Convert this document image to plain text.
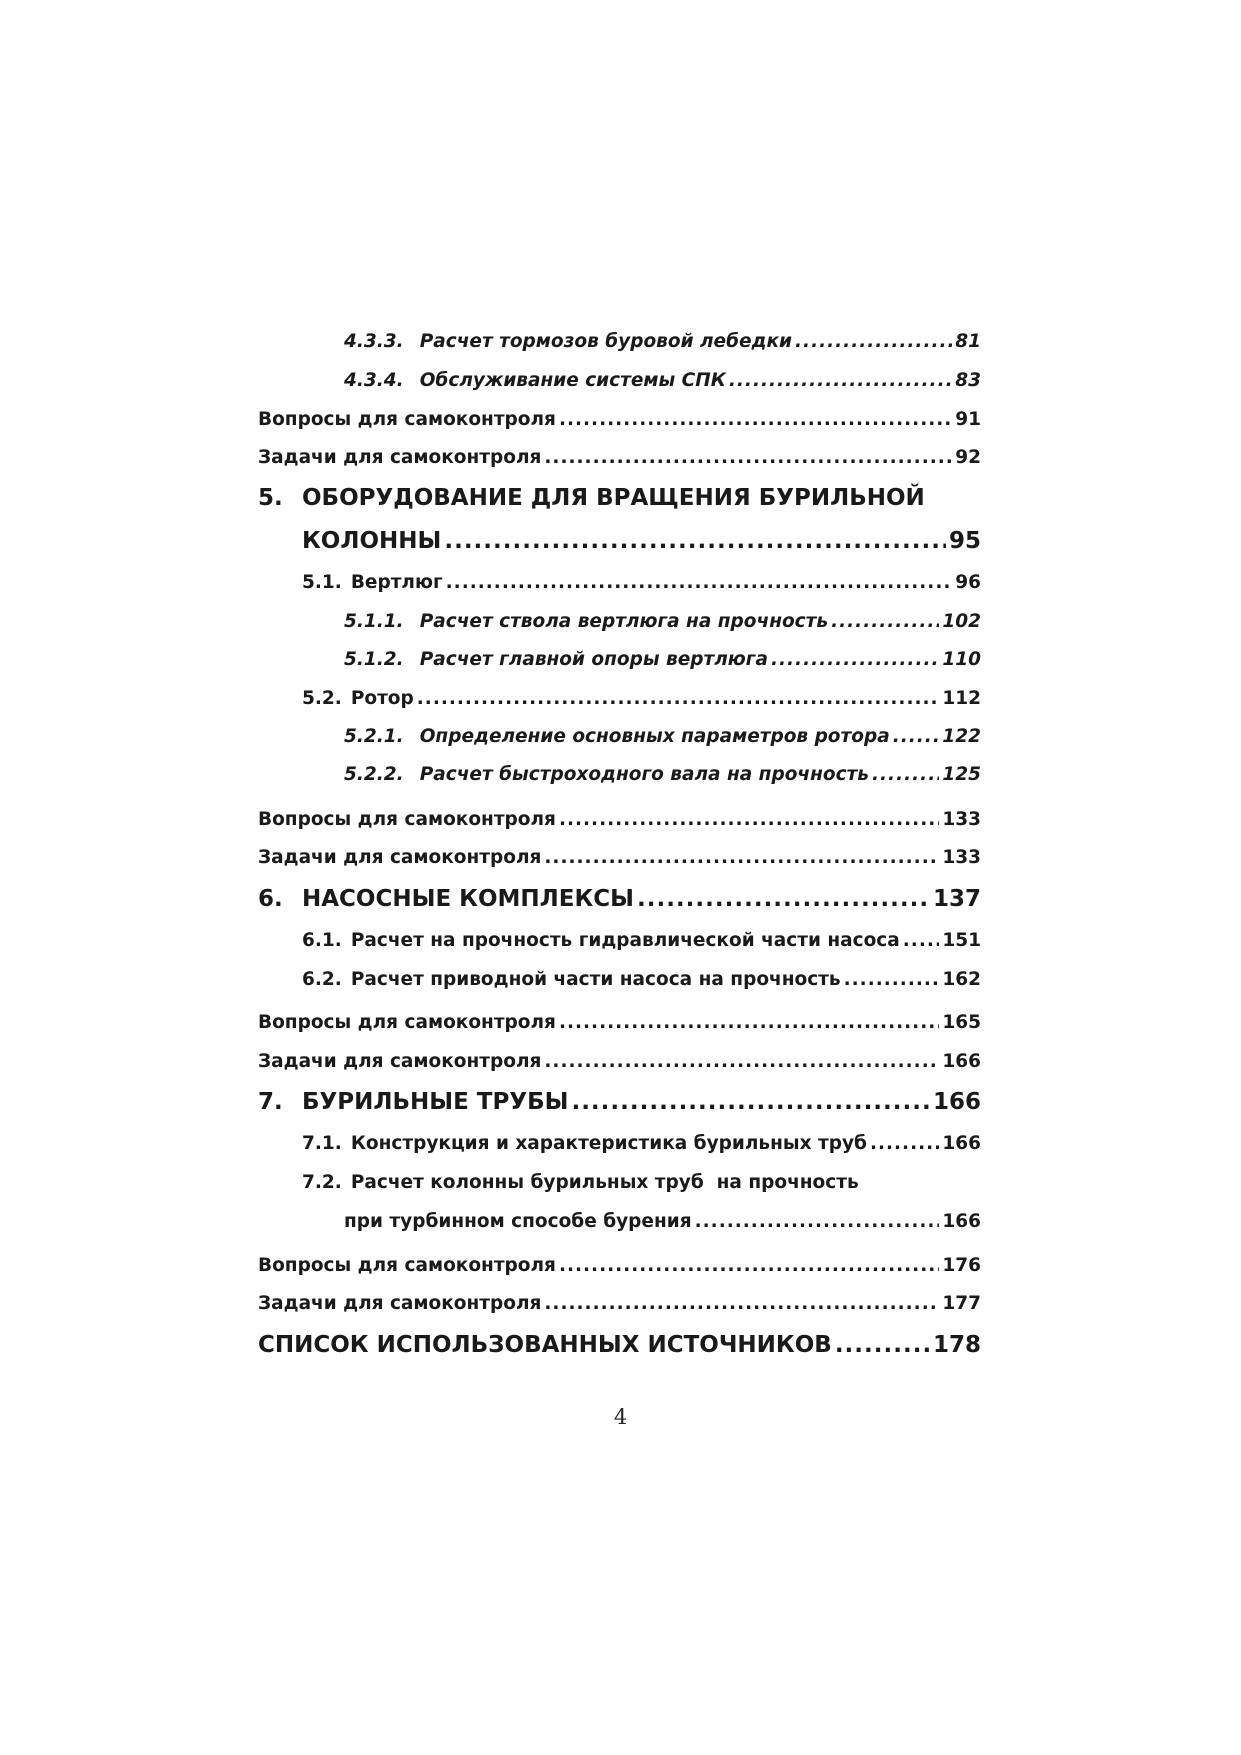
4.3.3. Расчет тормозов буровой лебедки .....	81
4.3.4. Обслуживание системы СПК .....	83
Вопросы для самоконтроля .....	91
Задачи для самоконтроля .....	92
5. ОБОРУДОВАНИЕ ДЛЯ ВРАЩЕНИЯ БУРИЛЬНОЙ
КОЛОННЫ .....	95
5.1. Вертлюг .....	96
5.1.1. Расчет ствола вертлюга на прочность .....	102
5.1.2. Расчет главной опоры вертлюга .....	110
5.2. Ротор .....	112
5.2.1. Определение основных параметров ротора .....	122
5.2.2. Расчет быстроходного вала на прочность .....	125
Вопросы для самоконтроля .....	133
Задачи для самоконтроля .....	133
6. НАСОСНЫЕ КОМПЛЕКСЫ .....	137
6.1. Расчет на прочность гидравлической части насоса ..... 151
6.2. Расчет приводной части насоса на прочность .....	162
Вопросы для самоконтроля .....	165
Задачи для самоконтроля .....	166
7. БУРИЛЬНЫЕ ТРУБЫ .....	166
7.1. Конструкция и характеристика бурильных труб .....	166
7.2. Расчет колонны бурильных труб  на прочность
при турбинном способе бурения .....	166
Вопросы для самоконтроля .....	176
Задачи для самоконтроля .....	177
СПИСОК ИСПОЛЬЗОВАННЫХ ИСТОЧНИКОВ .....	178
4
